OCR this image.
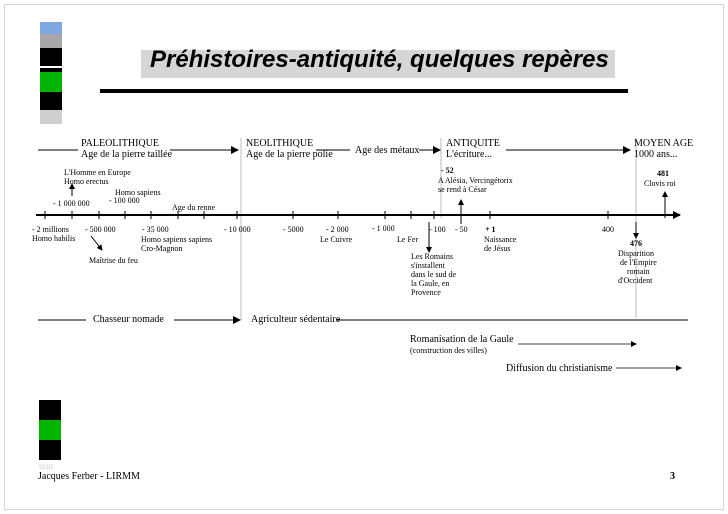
Préhistoires-antiquité, quelques repères
PALEOLITHIQUE
Age de la pierre taillée
NEOLITHIQUE
Age de la pierre polie Age des métaux
ANTIQUITE
L'écriture...
MOYEN AGE
1000 ans...
L'Homme en Europe
Homo erectus
- 1 000 000
Homo sapiens
- 100 000
Age du renne
- 52
A Alésia, Vercingétorix
se rend à César
481
Clovis roi
- 2 millions
Homo habilis
- 500 000	- 35 000
Homo sapiens sapiens
Cro-Magnon
- 10 000	- 5000	- 2 000
Le Cuivre
- 1 000
Le Fer
- 100 - 50 + 1
Naissance
de Jésus
400
476
Maîtrise du feu	Les Romains
s'installent
dans le sud de
la Gaule, en
Provence
Disparition
de l'Empire
romain
d'Occident
Chasseur nomade	Agriculteur sédentaire
Romanisation de la Gaule
(construction des villes)
Diffusion du christianisme
tion
Jacques Ferber - LIRMM	3
